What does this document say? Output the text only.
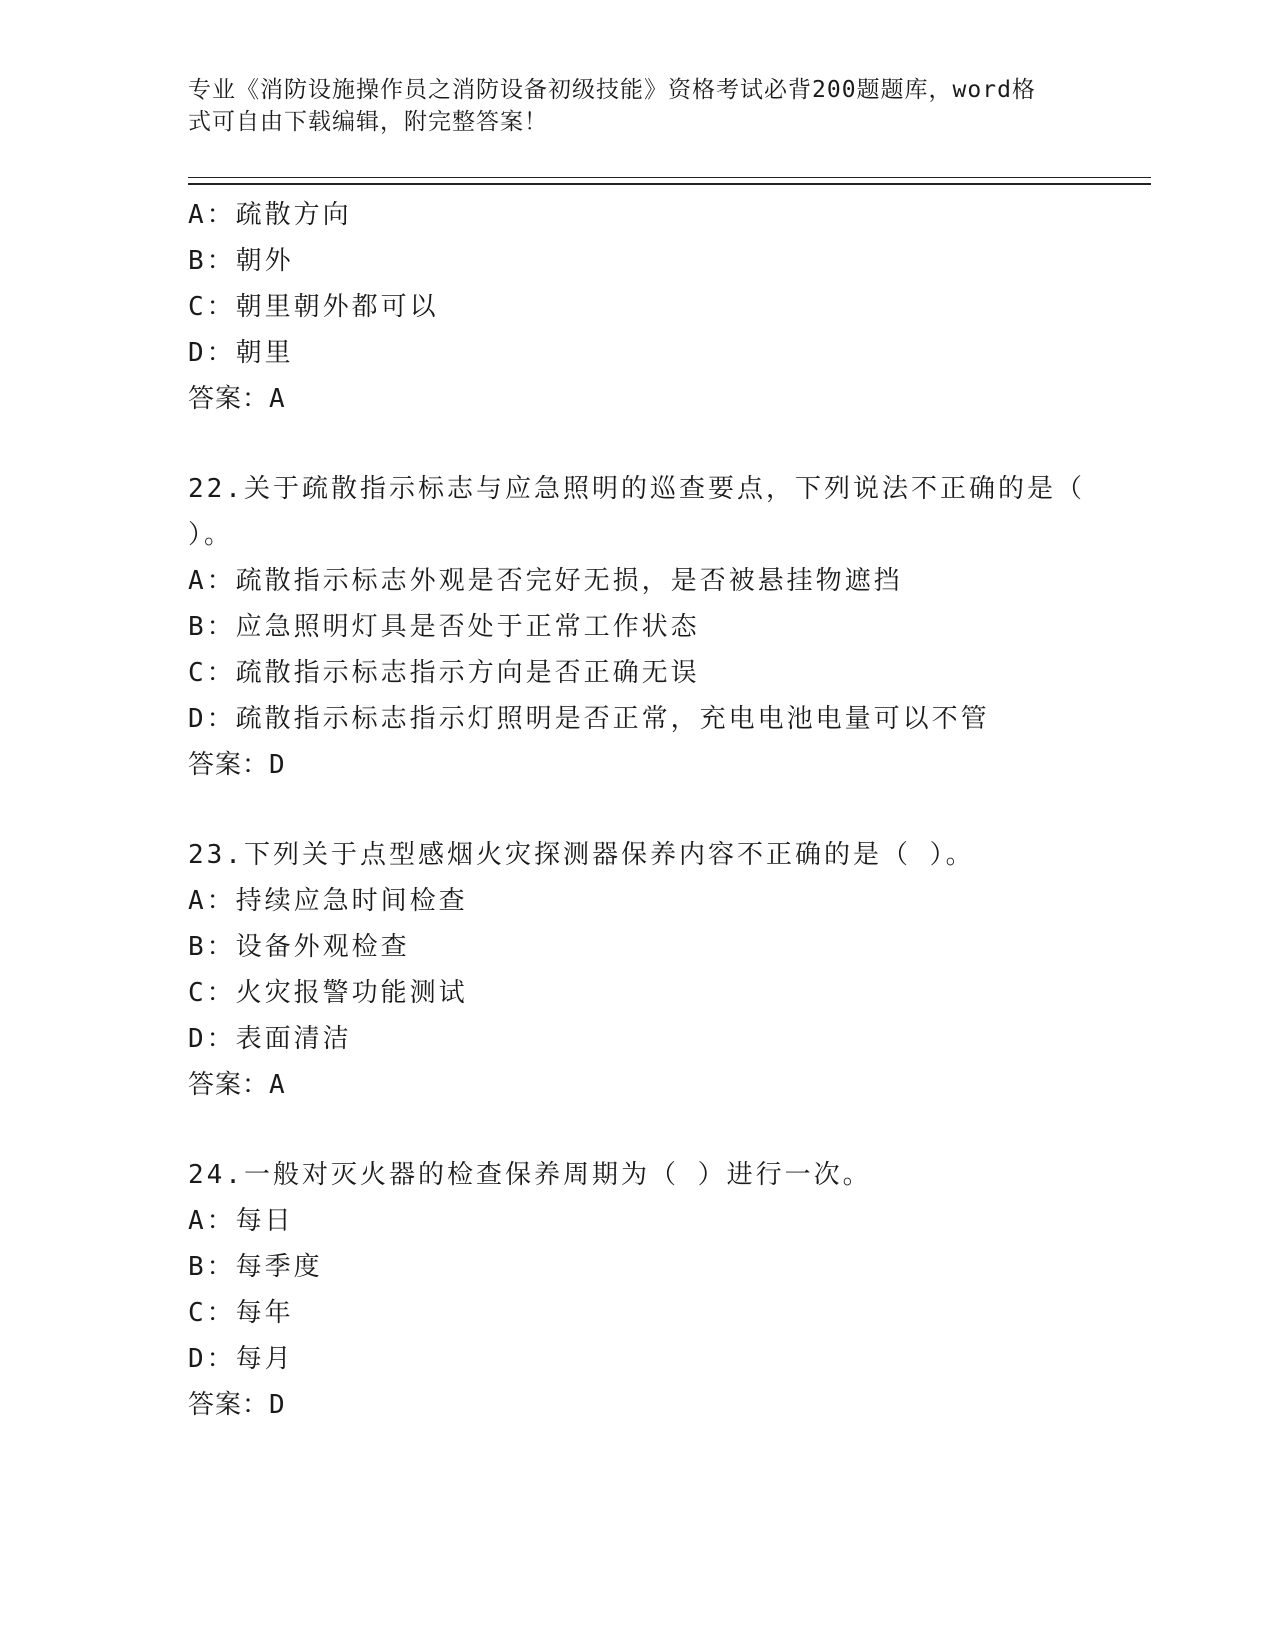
专业《消防设施操作员之消防设备初级技能》资格考试必背200题题库，word格
式可自由下载编辑，附完整答案！
A：疏散方向
B：朝外
C：朝里朝外都可以
D：朝里
答案：A
22.关于疏散指示标志与应急照明的巡查要点，下列说法不正确的是（
）。
A：疏散指示标志外观是否完好无损，是否被悬挂物遮挡
B：应急照明灯具是否处于正常工作状态
C：疏散指示标志指示方向是否正确无误
D：疏散指示标志指示灯照明是否正常，充电电池电量可以不管
答案：D
23.下列关于点型感烟火灾探测器保养内容不正确的是（ ）。
A：持续应急时间检查
B：设备外观检查
C：火灾报警功能测试
D：表面清洁
答案：A
24.一般对灭火器的检查保养周期为（ ）进行一次。
A：每日
B：每季度
C：每年
D：每月
答案：D
